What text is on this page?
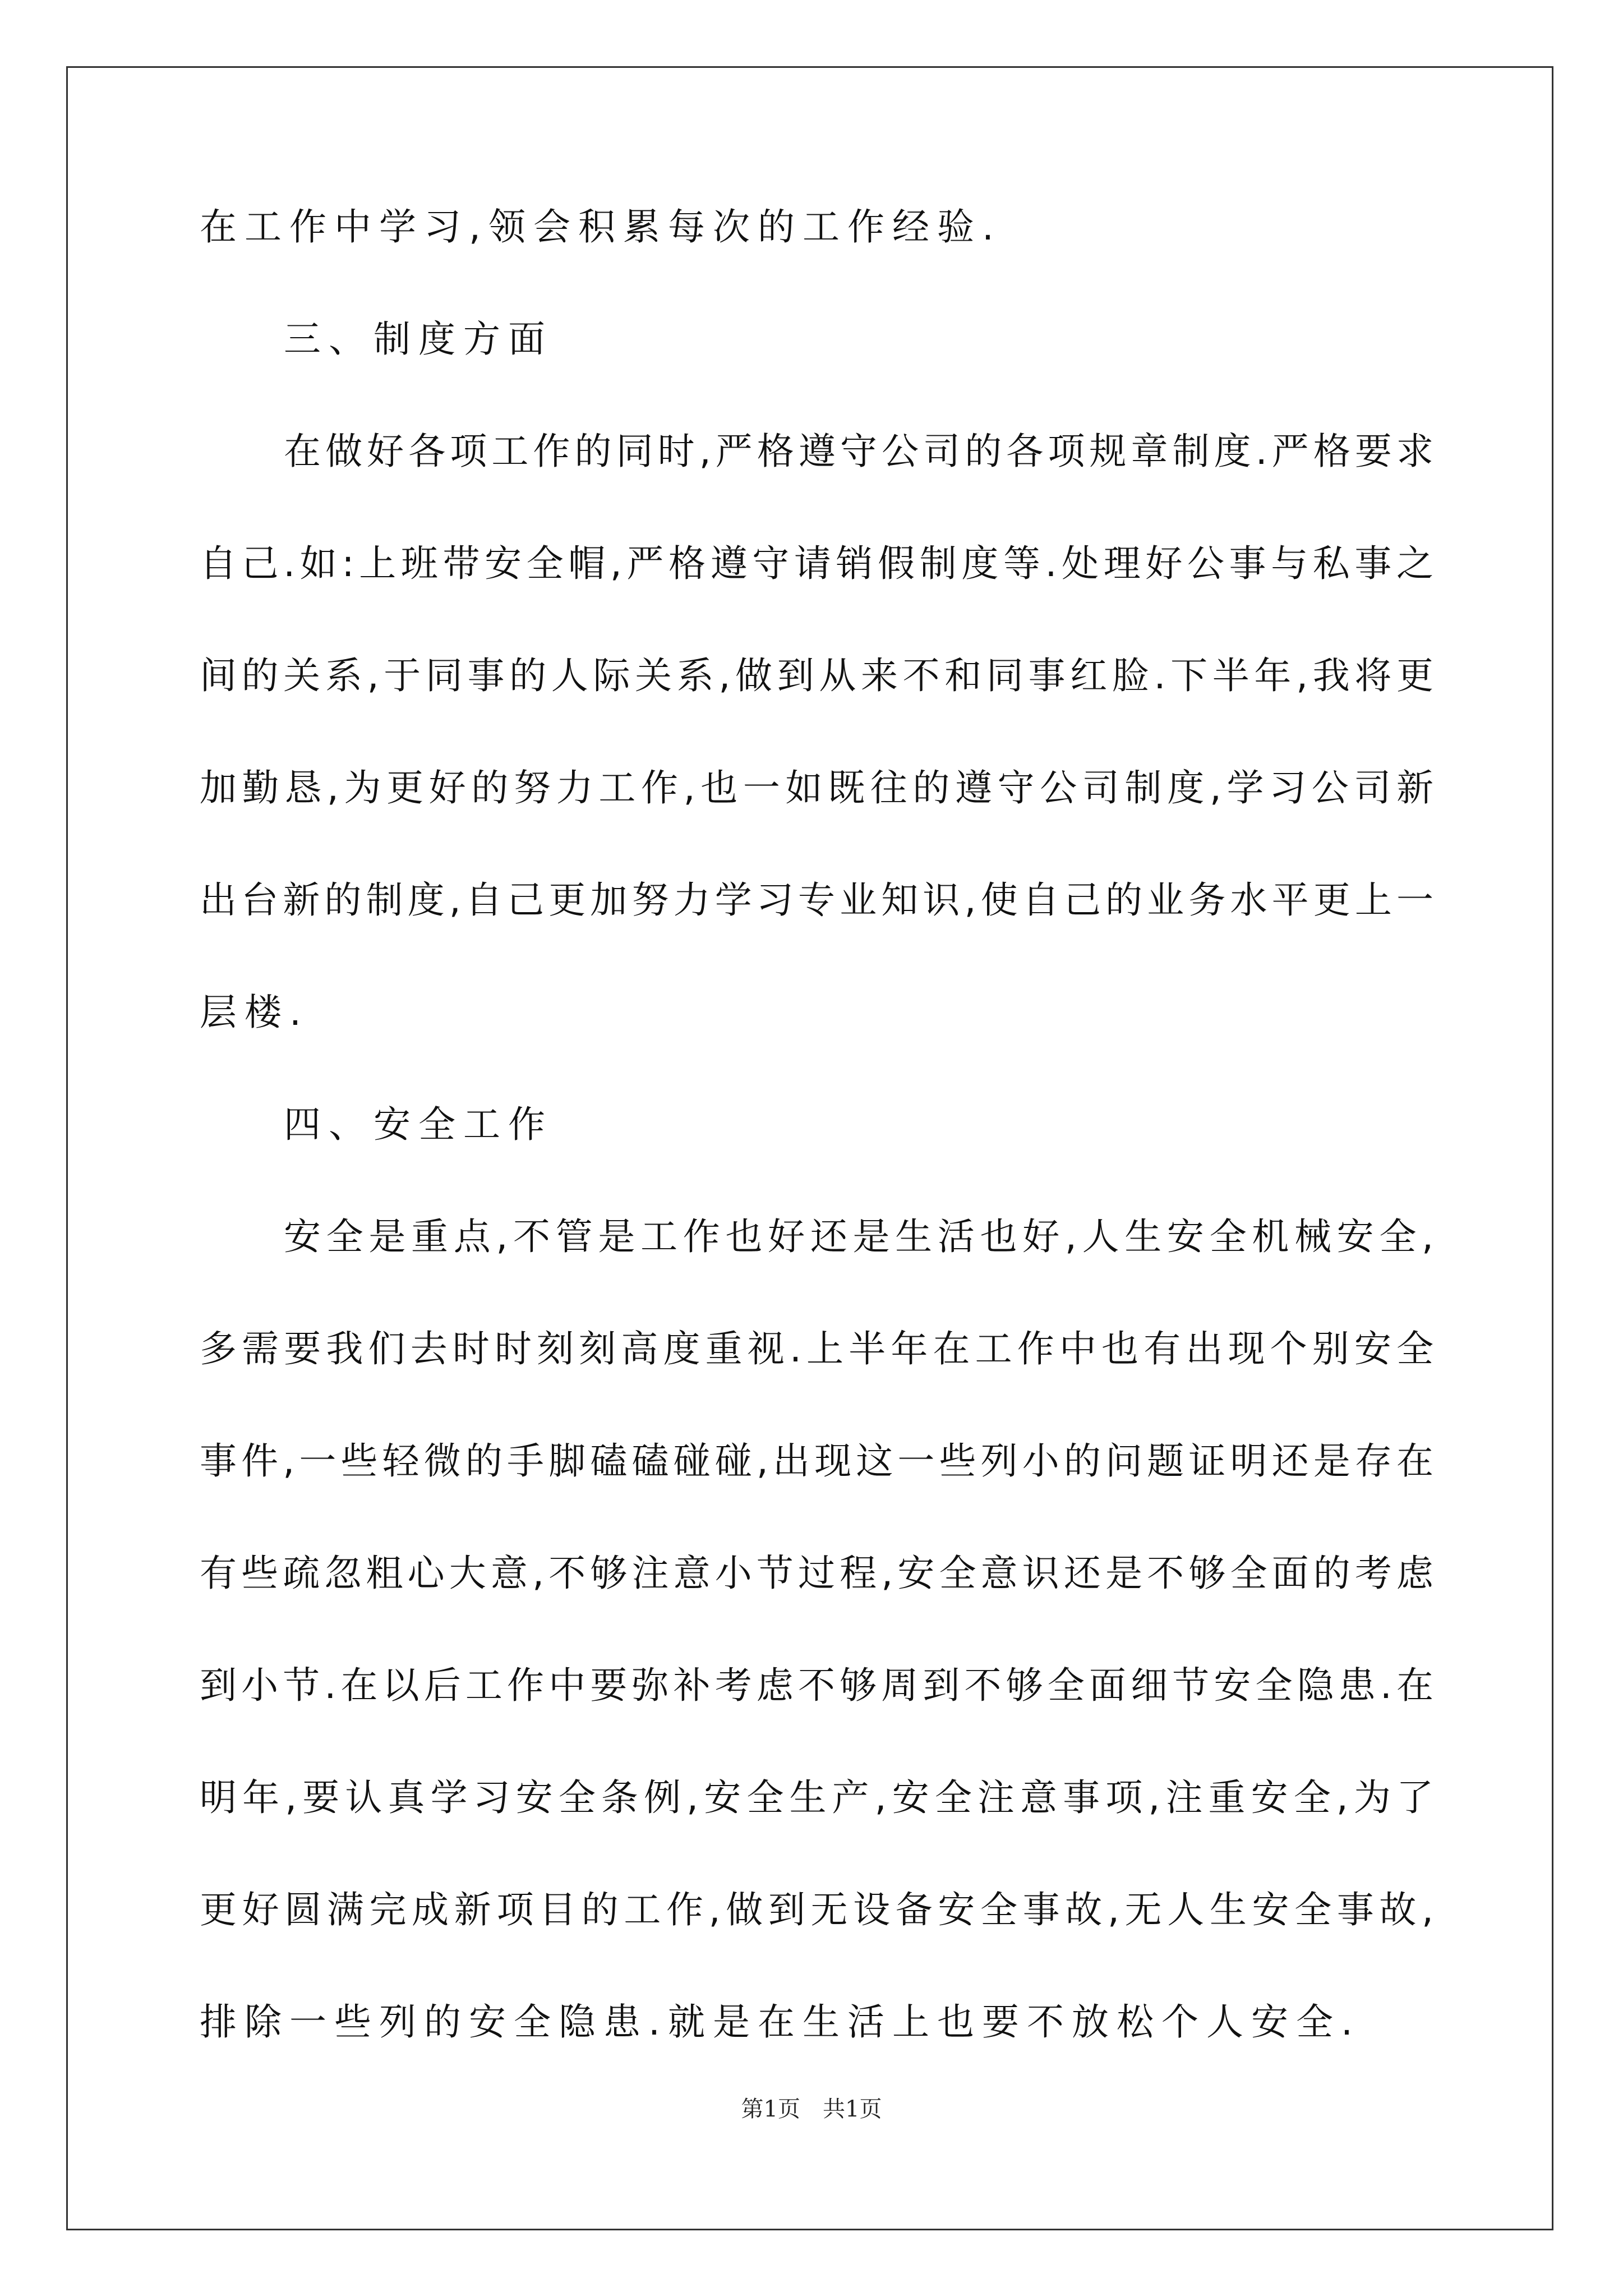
在工作中学习,领会积累每次的工作经验.
三、制度方面
在做好各项工作的同时,严格遵守公司的各项规章制度.严格要求
自己.如:上班带安全帽,严格遵守请销假制度等.处理好公事与私事之
间的关系,于同事的人际关系,做到从来不和同事红脸.下半年,我将更
加勤恳,为更好的努力工作,也一如既往的遵守公司制度,学习公司新
出台新的制度,自己更加努力学习专业知识,使自己的业务水平更上一
层楼.
四、安全工作
安全是重点,不管是工作也好还是生活也好,人生安全机械安全,
多需要我们去时时刻刻高度重视.上半年在工作中也有出现个别安全
事件,一些轻微的手脚磕磕碰碰,出现这一些列小的问题证明还是存在
有些疏忽粗心大意,不够注意小节过程,安全意识还是不够全面的考虑
到小节.在以后工作中要弥补考虑不够周到不够全面细节安全隐患.在
明年,要认真学习安全条例,安全生产,安全注意事项,注重安全,为了
更好圆满完成新项目的工作,做到无设备安全事故,无人生安全事故,
排除一些列的安全隐患.就是在生活上也要不放松个人安全.
第1页　共1页
